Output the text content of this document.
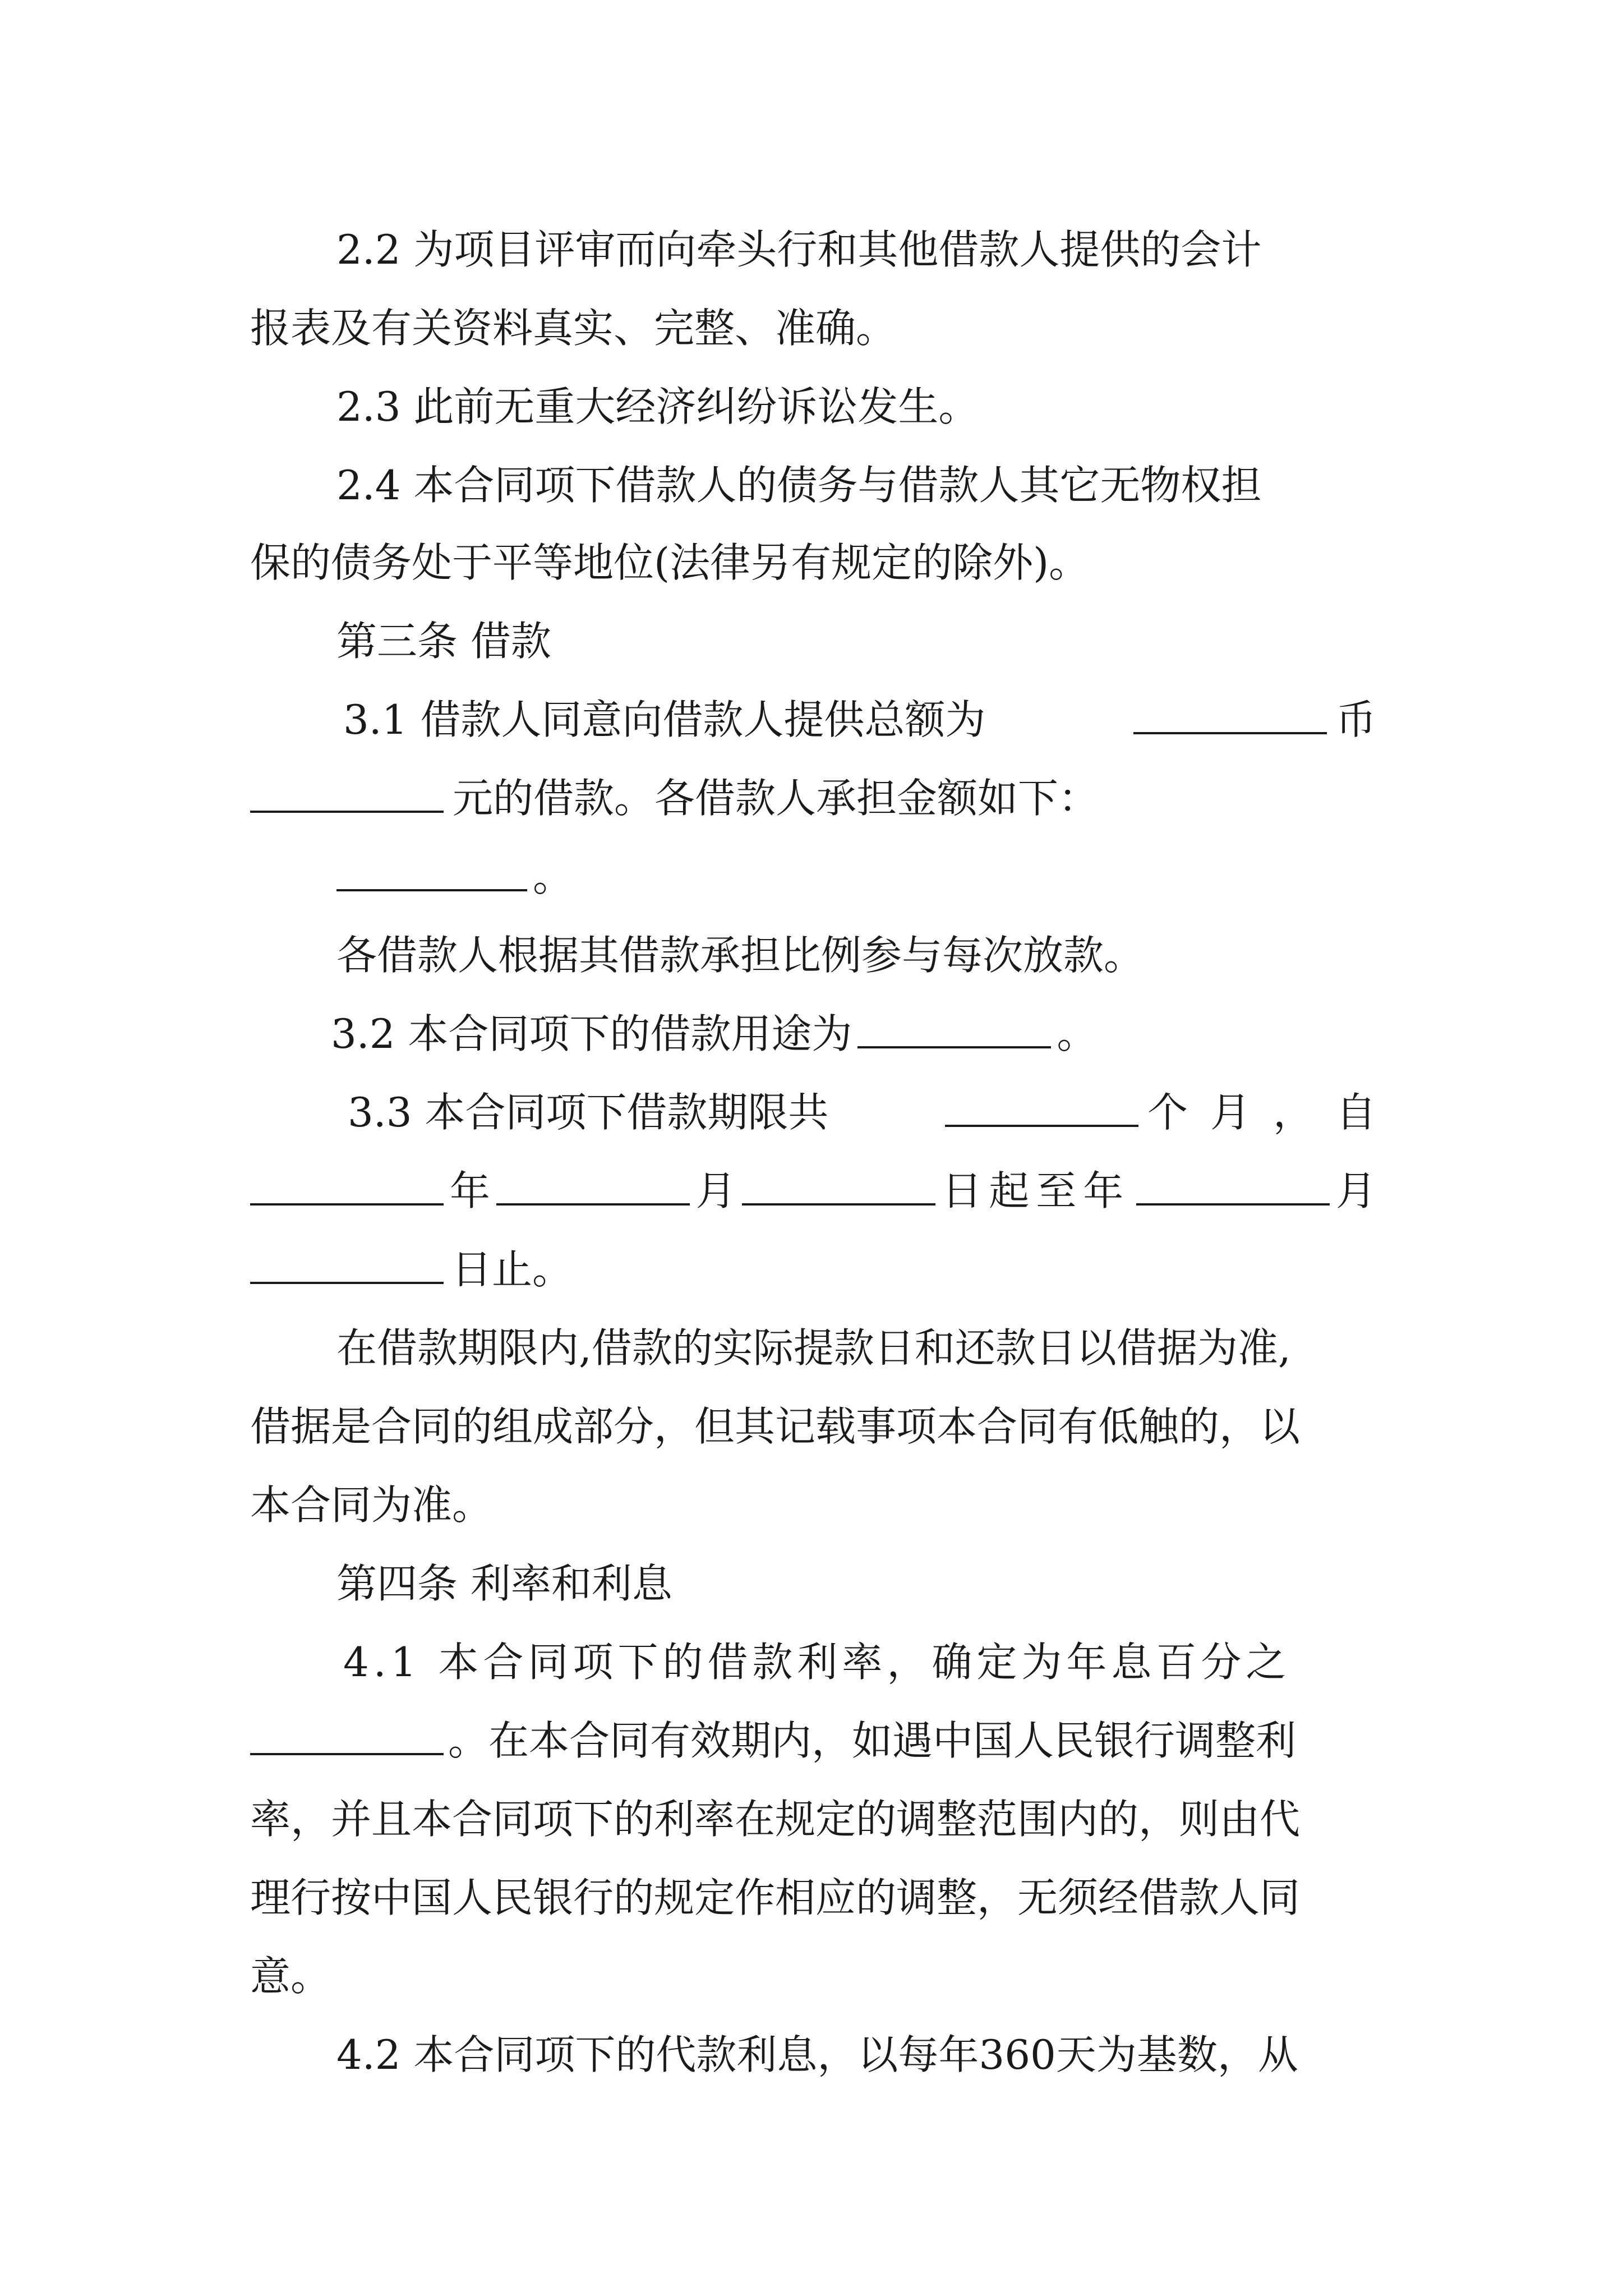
2.2 为项目评审而向牵头行和其他借款人提供的会计
报表及有关资料真实、完整、准确。
2.3 此前无重大经济纠纷诉讼发生。
2.4 本合同项下借款人的债务与借款人其它无物权担
保的债务处于平等地位(法律另有规定的除外)。
第三条 借款
3.1 借款人同意向借款人提供总额为	币
元的借款。各借款人承担金额如下：
。
各借款人根据其借款承担比例参与每次放款。
3.2 本合同项下的借款用途为	。
3.3 本合同项下借款期限共	个月，自
年	月	日起至年	月
日止。
在借款期限内,借款的实际提款日和还款日以借据为准,
借据是合同的组成部分，但其记载事项本合同有低触的，以
本合同为准。
第四条 利率和利息
4.1 本合同项下的借款利率，确定为年息百分之
。在本合同有效期内，如遇中国人民银行调整利
率，并且本合同项下的利率在规定的调整范围内的，则由代
理行按中国人民银行的规定作相应的调整，无须经借款人同
意。
4.2 本合同项下的代款利息，以每年360天为基数，从
